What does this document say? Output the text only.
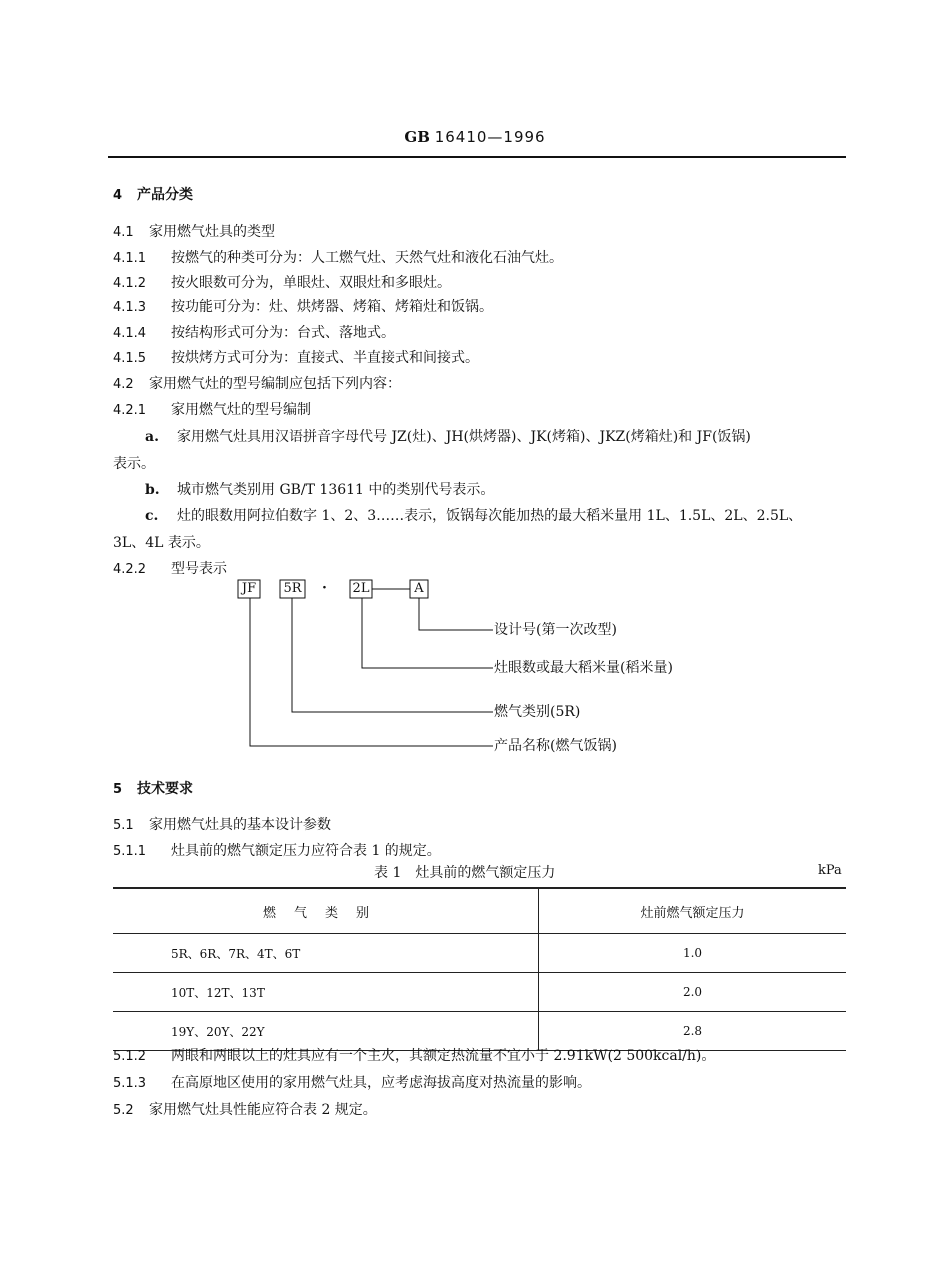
GB 16410—1996
4 产品分类
4.1 家用燃气灶具的类型
4.1.1 按燃气的种类可分为：人工燃气灶、天然气灶和液化石油气灶。
4.1.2 按火眼数可分为，单眼灶、双眼灶和多眼灶。
4.1.3 按功能可分为：灶、烘烤器、烤箱、烤箱灶和饭锅。
4.1.4 按结构形式可分为：台式、落地式。
4.1.5 按烘烤方式可分为：直接式、半直接式和间接式。
4.2 家用燃气灶的型号编制应包括下列内容：
4.2.1 家用燃气灶的型号编制
a. 家用燃气灶具用汉语拼音字母代号 JZ(灶)、JH(烘烤器)、JK(烤箱)、JKZ(烤箱灶)和 JF(饭锅)
表示。
b. 城市燃气类别用 GB/T 13611 中的类别代号表示。
c. 灶的眼数用阿拉伯数字 1、2、3……表示，饭锅每次能加热的最大稻米量用 1L、1.5L、2L、2.5L、
3L、4L 表示。
4.2.2 型号表示
JF 5R · 2L	A
设计号(第一次改型)
灶眼数或最大稻米量(稻米量)
燃气类别(5R)
产品名称(燃气饭锅)
5 技术要求
5.1 家用燃气灶具的基本设计参数
5.1.1 灶具前的燃气额定压力应符合表 1 的规定。
表 1　灶具前的燃气额定压力	kPa
燃气类别	灶前燃气额定压力
5R、6R、7R、4T、6T	1.0
10T、12T、13T	2.0
19Y、20Y、22Y	2.8
5.1.2 两眼和两眼以上的灶具应有一个主火，其额定热流量不宜小于 2.91kW(2 500kcal/h)。
5.1.3 在高原地区使用的家用燃气灶具，应考虑海拔高度对热流量的影响。
5.2 家用燃气灶具性能应符合表 2 规定。
